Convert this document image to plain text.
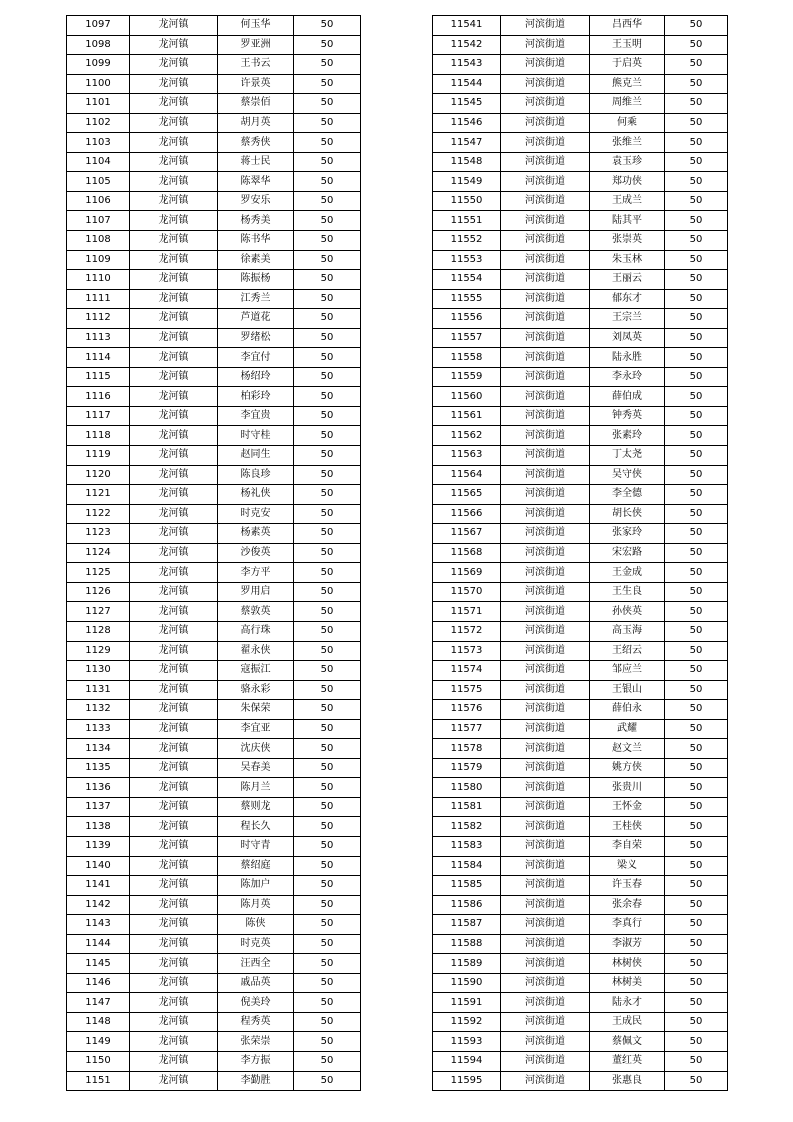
1097	龙河镇	何玉华	50
1098	龙河镇	罗亚洲	50
1099	龙河镇	王书云	50
1100	龙河镇	许景英	50
1101	龙河镇	蔡崇佰	50
1102	龙河镇	胡月英	50
1103	龙河镇	蔡秀侠	50
1104	龙河镇	蒋士民	50
1105	龙河镇	陈翠华	50
1106	龙河镇	罗安乐	50
1107	龙河镇	杨秀美	50
1108	龙河镇	陈书华	50
1109	龙河镇	徐素美	50
1110	龙河镇	陈振杨	50
1111	龙河镇	江秀兰	50
1112	龙河镇	芦道花	50
1113	龙河镇	罗绪松	50
1114	龙河镇	李宜付	50
1115	龙河镇	杨绍玲	50
1116	龙河镇	柏彩玲	50
1117	龙河镇	李宜贵	50
1118	龙河镇	时守桂	50
1119	龙河镇	赵同生	50
1120	龙河镇	陈良珍	50
1121	龙河镇	杨礼侠	50
1122	龙河镇	时克安	50
1123	龙河镇	杨素英	50
1124	龙河镇	沙俊英	50
1125	龙河镇	李方平	50
1126	龙河镇	罗用启	50
1127	龙河镇	蔡敦英	50
1128	龙河镇	高行珠	50
1129	龙河镇	翟永侠	50
1130	龙河镇	寇振江	50
1131	龙河镇	骆永彩	50
1132	龙河镇	朱保荣	50
1133	龙河镇	李宜亚	50
1134	龙河镇	沈庆侠	50
1135	龙河镇	吴春美	50
1136	龙河镇	陈月兰	50
1137	龙河镇	蔡则龙	50
1138	龙河镇	程长久	50
1139	龙河镇	时守青	50
1140	龙河镇	蔡绍庭	50
1141	龙河镇	陈加户	50
1142	龙河镇	陈月英	50
1143	龙河镇	陈侠	50
1144	龙河镇	时克英	50
1145	龙河镇	汪西全	50
1146	龙河镇	戚品英	50
1147	龙河镇	倪美玲	50
1148	龙河镇	程秀英	50
1149	龙河镇	张荣崇	50
1150	龙河镇	李方振	50
1151	龙河镇	李勤胜	50
11541	河滨街道	吕西华	50
11542	河滨街道	王玉明	50
11543	河滨街道	于启英	50
11544	河滨街道	熊克兰	50
11545	河滨街道	周维兰	50
11546	河滨街道	何乘	50
11547	河滨街道	张维兰	50
11548	河滨街道	袁玉珍	50
11549	河滨街道	郑功侠	50
11550	河滨街道	王成兰	50
11551	河滨街道	陆其平	50
11552	河滨街道	张崇英	50
11553	河滨街道	朱玉林	50
11554	河滨街道	王丽云	50
11555	河滨街道	郁东才	50
11556	河滨街道	王宗兰	50
11557	河滨街道	刘凤英	50
11558	河滨街道	陆永胜	50
11559	河滨街道	李永玲	50
11560	河滨街道	薛伯成	50
11561	河滨街道	钟秀英	50
11562	河滨街道	张素玲	50
11563	河滨街道	丁太尧	50
11564	河滨街道	吴守侠	50
11565	河滨街道	李全德	50
11566	河滨街道	胡长侠	50
11567	河滨街道	张家玲	50
11568	河滨街道	宋宏路	50
11569	河滨街道	王金成	50
11570	河滨街道	王生良	50
11571	河滨街道	孙侠英	50
11572	河滨街道	高玉海	50
11573	河滨街道	王绍云	50
11574	河滨街道	邹应兰	50
11575	河滨街道	王银山	50
11576	河滨街道	薛伯永	50
11577	河滨街道	武耀	50
11578	河滨街道	赵文兰	50
11579	河滨街道	姚方侠	50
11580	河滨街道	张贵川	50
11581	河滨街道	王怀金	50
11582	河滨街道	王桂侠	50
11583	河滨街道	李自荣	50
11584	河滨街道	梁义	50
11585	河滨街道	许玉春	50
11586	河滨街道	张余春	50
11587	河滨街道	李真行	50
11588	河滨街道	李淑芳	50
11589	河滨街道	林树侠	50
11590	河滨街道	林树美	50
11591	河滨街道	陆永才	50
11592	河滨街道	王成民	50
11593	河滨街道	蔡佩文	50
11594	河滨街道	董红英	50
11595	河滨街道	张惠良	50
